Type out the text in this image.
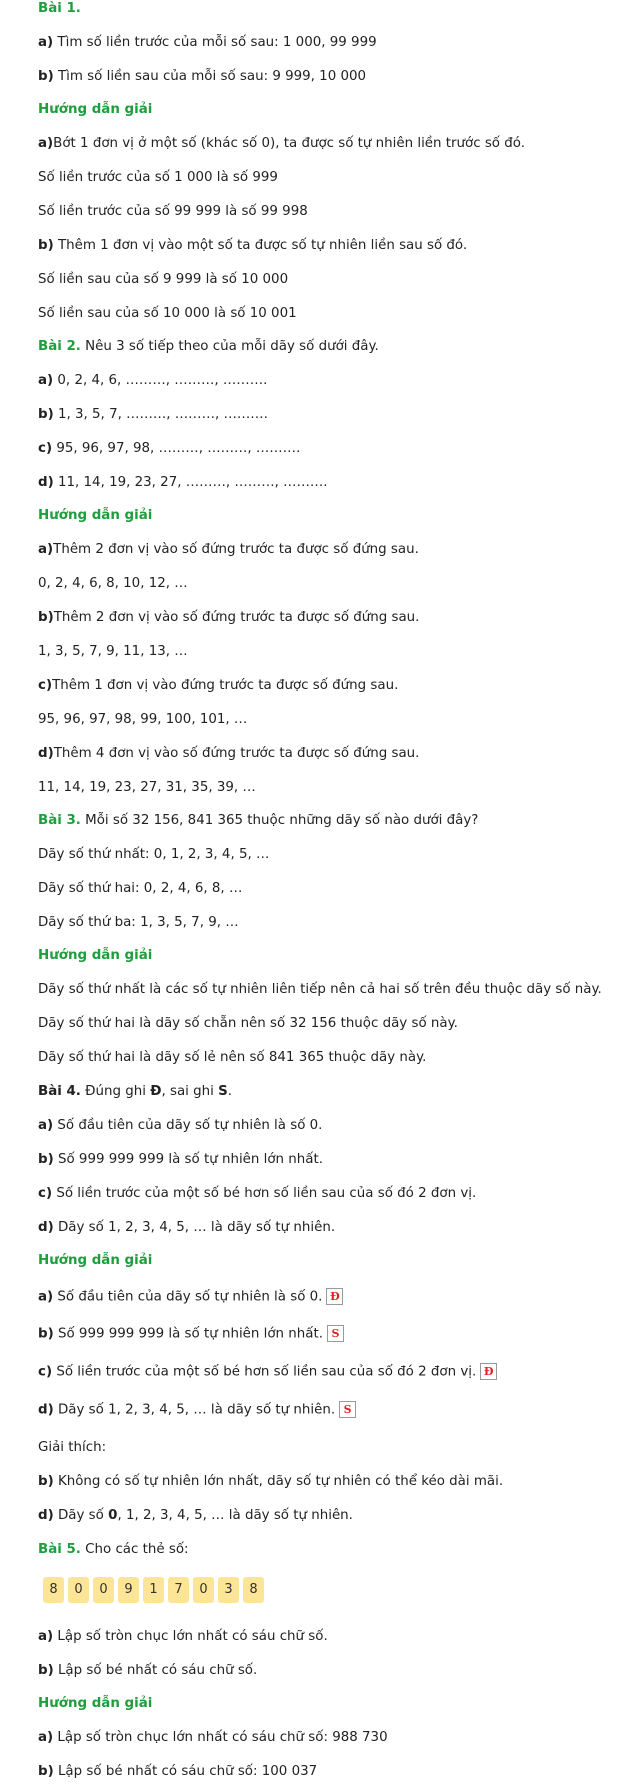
Bài 1.
a) Tìm số liền trước của mỗi số sau: 1 000, 99 999
b) Tìm số liền sau của mỗi số sau: 9 999, 10 000
Hướng dẫn giải
a)Bớt 1 đơn vị ở một số (khác số 0), ta được số tự nhiên liền trước số đó.
Số liền trước của số 1 000 là số 999
Số liền trước của số 99 999 là số 99 998
b) Thêm 1 đơn vị vào một số ta được số tự nhiên liền sau số đó.
Số liền sau của số 9 999 là số 10 000
Số liền sau của số 10 000 là số 10 001
Bài 2. Nêu 3 số tiếp theo của mỗi dãy số dưới đây.
a) 0, 2, 4, 6, ………, ………, ……….
b) 1, 3, 5, 7, ………, ………, ……….
c) 95, 96, 97, 98, ………, ………, ……….
d) 11, 14, 19, 23, 27, ………, ………, ……….
Hướng dẫn giải
a)Thêm 2 đơn vị vào số đứng trước ta được số đứng sau.
0, 2, 4, 6, 8, 10, 12, …
b)Thêm 2 đơn vị vào số đứng trước ta được số đứng sau.
1, 3, 5, 7, 9, 11, 13, …
c)Thêm 1 đơn vị vào đứng trước ta được số đứng sau.
95, 96, 97, 98, 99, 100, 101, …
d)Thêm 4 đơn vị vào số đứng trước ta được số đứng sau.
11, 14, 19, 23, 27, 31, 35, 39, …
Bài 3. Mỗi số 32 156, 841 365 thuộc những dãy số nào dưới đây?
Dãy số thứ nhất: 0, 1, 2, 3, 4, 5, …
Dãy số thứ hai: 0, 2, 4, 6, 8, …
Dãy số thứ ba: 1, 3, 5, 7, 9, …
Hướng dẫn giải
Dãy số thứ nhất là các số tự nhiên liên tiếp nên cả hai số trên đều thuộc dãy số này.
Dãy số thứ hai là dãy số chẵn nên số 32 156 thuộc dãy số này.
Dãy số thứ hai là dãy số lẻ nên số 841 365 thuộc dãy này.
Bài 4. Đúng ghi Đ, sai ghi S.
a) Số đầu tiên của dãy số tự nhiên là số 0.
b) Số 999 999 999 là số tự nhiên lớn nhất.
c) Số liền trước của một số bé hơn số liền sau của số đó 2 đơn vị.
d) Dãy số 1, 2, 3, 4, 5, … là dãy số tự nhiên.
Hướng dẫn giải
a) Số đầu tiên của dãy số tự nhiên là số 0. Đ
b) Số 999 999 999 là số tự nhiên lớn nhất. S
c) Số liền trước của một số bé hơn số liền sau của số đó 2 đơn vị. Đ
d) Dãy số 1, 2, 3, 4, 5, … là dãy số tự nhiên. S
Giải thích:
b) Không có số tự nhiên lớn nhất, dãy số tự nhiên có thể kéo dài mãi.
d) Dãy số 0, 1, 2, 3, 4, 5, … là dãy số tự nhiên.
Bài 5. Cho các thẻ số:
a) Lập số tròn chục lớn nhất có sáu chữ số.
b) Lập số bé nhất có sáu chữ số.
Hướng dẫn giải
a) Lập số tròn chục lớn nhất có sáu chữ số: 988 730
b) Lập số bé nhất có sáu chữ số: 100 037
8	0	0	9	1	7	0	3	8
